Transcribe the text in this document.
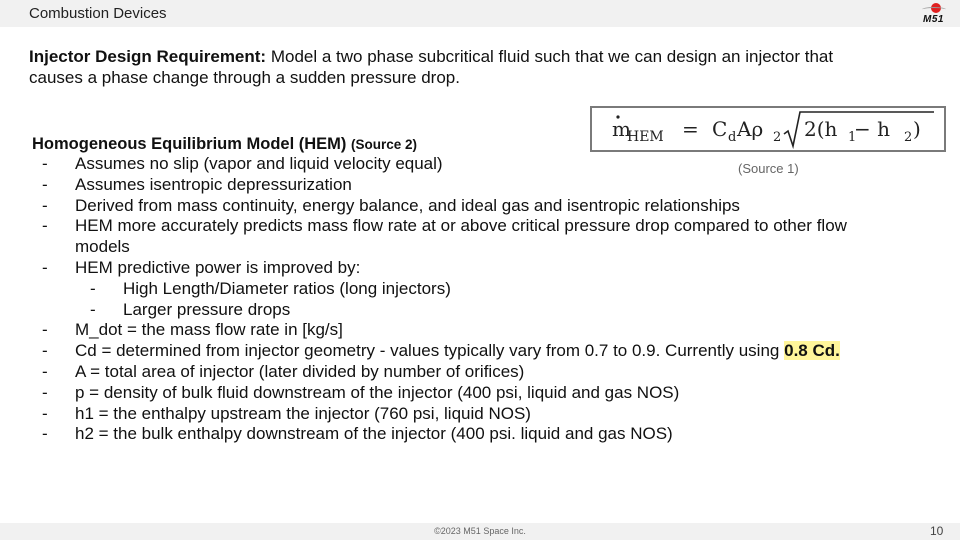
Combustion Devices	M51
Injector Design Requirement: Model a two phase subcritical fluid such that we can design an injector that causes a phase change through a sudden pressure drop.
m
HEM = C d Aρ 2 2(h 1
− h 2 )
(Source 1)
Homogeneous Equilibrium Model (HEM) (Source 2)
- Assumes no slip (vapor and liquid velocity equal)
- Assumes isentropic depressurization
- Derived from mass continuity, energy balance, and ideal gas and isentropic relationships
- HEM more accurately predicts mass flow rate at or above critical pressure drop compared to other flow models
- HEM predictive power is improved by:
- High Length/Diameter ratios (long injectors)
- Larger pressure drops
- M_dot = the mass flow rate in [kg/s]
- Cd = determined from injector geometry - values typically vary from 0.7 to 0.9. Currently using 0.8 Cd.
- A = total area of injector (later divided by number of orifices)
- p = density of bulk fluid downstream of the injector (400 psi, liquid and gas NOS)
- h1 = the enthalpy upstream the injector (760 psi, liquid NOS)
- h2 = the bulk enthalpy downstream of the injector (400 psi. liquid and gas NOS)
©2023 M51 Space Inc.	10
